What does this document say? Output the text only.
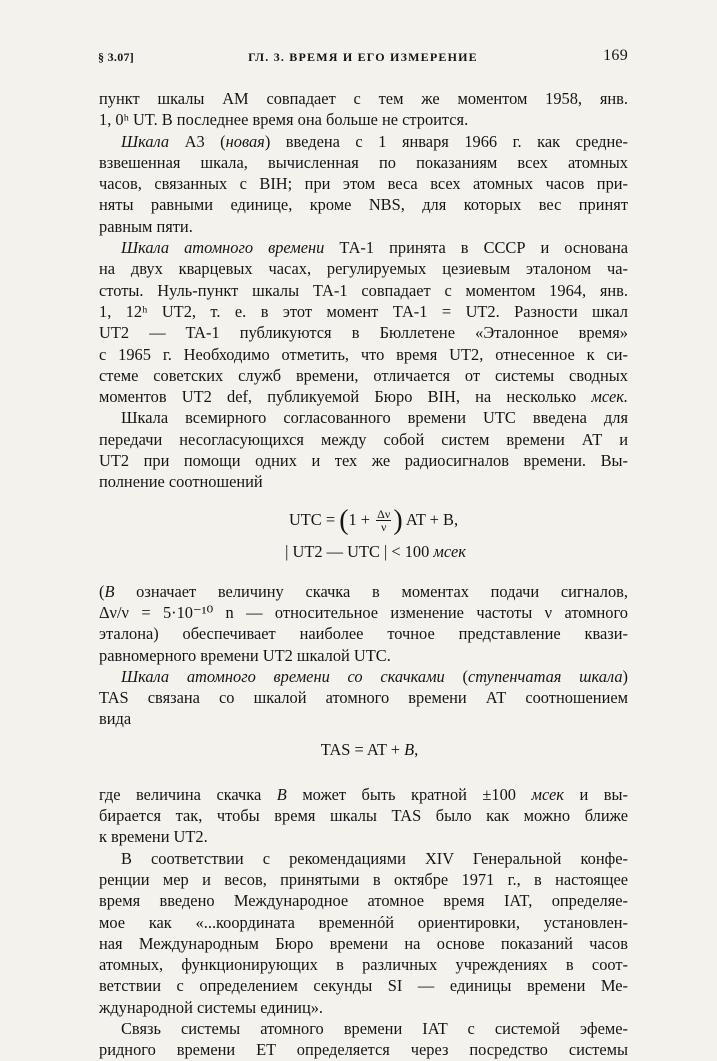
§ 3.07]	ГЛ. 3. ВРЕМЯ И ЕГО ИЗМЕРЕНИЕ	169
пункт шкалы АМ совпадает с тем же моментом 1958, янв.
1, 0ʰ UT. В последнее время она больше не строится.
Шкала А3 (новая) введена с 1 января 1966 г. как средне-
взвешенная шкала, вычисленная по показаниям всех атомных
часов, связанных с BIH; при этом веса всех атомных часов при-
няты равными единице, кроме NBS, для которых вес принят
равным пяти.
Шкала атомного времени ТА-1 принята в СССР и основана
на двух кварцевых часах, регулируемых цезиевым эталоном ча-
стоты. Нуль-пункт шкалы ТА-1 совпадает с моментом 1964, янв.
1, 12ʰ UT2, т. е. в этот момент ТА-1 = UT2. Разности шкал
UT2 — TA-1 публикуются в Бюллетене «Эталонное время»
с 1965 г. Необходимо отметить, что время UT2, отнесенное к си-
стеме советских служб времени, отличается от системы сводных
моментов UT2 def, публикуемой Бюро BIH, на несколько мсек.
Шкала всемирного согласованного времени UTC введена для
передачи несогласующихся между собой систем времени АТ и
UT2 при помощи одних и тех же радиосигналов времени. Вы-
полнение соотношений
UTC = ($1 + \frac{\Delta\nu}{\nu}$ ) AT + B,
| UT2 — UTC | < 100 мсек
(B означает величину скачка в моментах подачи сигналов,
Δν/ν = 5·10⁻¹⁰ n — относительное изменение частоты ν атомного
эталона) обеспечивает наиболее точное представление квази-
равномерного времени UT2 шкалой UTC.
Шкала атомного времени со скачками (ступенчатая шкала)
TAS связана со шкалой атомного времени АТ соотношением
вида
TAS = AT + B,
где величина скачка B может быть кратной ±100 мсек и вы-
бирается так, чтобы время шкалы TAS было как можно ближе
к времени UT2.
В соответствии с рекомендациями XIV Генеральной конфе-
ренции мер и весов, принятыми в октябре 1971 г., в настоящее
время введено Международное атомное время IAT, определяе-
мое как «...координата временнóй ориентировки, установлен-
ная Международным Бюро времени на основе показаний часов
атомных, функционирующих в различных учреждениях в соот-
ветствии с определением секунды SI — единицы времени Ме-
ждународной системы единиц».
Связь системы атомного времени IAT с системой эфеме-
ридного времени ET определяется через посредство системы
